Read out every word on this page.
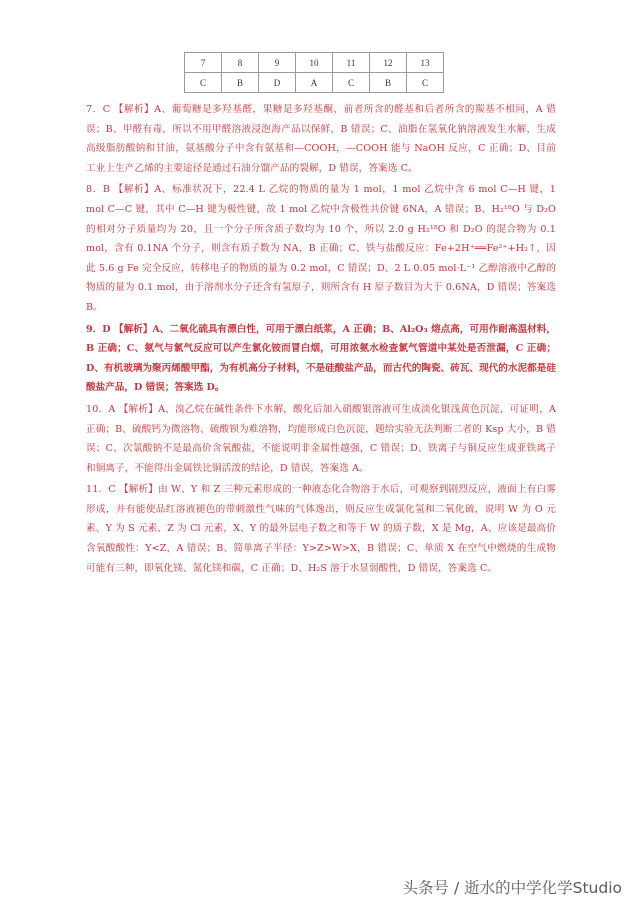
7	8	9	10	11	12	13
C	B	D	A	C	B	C

7．C 【解析】A、葡萄糖是多羟基醛，果糖是多羟基酮，前者所含的醛基和后者所含的羰基不相同，A 错误；B、甲醛有毒，所以不用甲醛溶液浸泡海产品以保鲜，B 错误；C、油脂在氢氧化钠溶液发生水解，生成高级脂肪酸钠和甘油，氨基酸分子中含有氨基和—COOH，—COOH 能与 NaOH 反应，C 正确；D、目前工业上生产乙烯的主要途径是通过石油分馏产品的裂解，D 错误，答案选 C。

8．B 【解析】A、标准状况下，22.4 L 乙烷的物质的量为 1 mol，1 mol 乙烷中含 6 mol C—H 键，1 mol C—C 键，其中 C—H 键为极性键，故 1 mol 乙烷中含极性共价键 6NA，A 错误；B、H₂¹⁸O 与 D₂O 的相对分子质量均为 20，且一个分子所含质子数均为 10 个，所以 2.0 g H₂¹⁸O 和 D₂O 的混合物为 0.1 mol，含有 0.1NA 个分子，则含有质子数为 NA，B 正确；C、铁与盐酸反应：Fe+2H⁺══Fe²⁺+H₂↑，因此 5.6 g Fe 完全反应，转移电子的物质的量为 0.2 mol，C 错误；D、2 L 0.05 mol·L⁻¹ 乙醇溶液中乙醇的物质的量为 0.1 mol，由于溶剂水分子还含有氢原子，则所含有 H 原子数目为大于 0.6NA，D 错误；答案选 B。

9．D 【解析】A、二氧化硫具有漂白性，可用于漂白纸浆，A 正确；B、Al₂O₃ 熔点高，可用作耐高温材料，B 正确；C、氨气与氯气反应可以产生氯化铵而冒白烟，可用浓氨水检查氯气管道中某处是否泄漏，C 正确；D、有机玻璃为聚丙烯酸甲酯，为有机高分子材料，不是硅酸盐产品，而古代的陶瓷、砖瓦、现代的水泥都是硅酸盐产品，D 错误；答案选 D。

10．A 【解析】A、溴乙烷在碱性条件下水解，酸化后加入硝酸银溶液可生成淡化银浅黄色沉淀，可证明，A 正确；B、硫酸钙为微溶物、硫酸钡为难溶物，均能形成白色沉淀，题给实验无法判断二者的 Ksp 大小，B 错误；C、次氯酸钠不是最高价含氧酸盐，不能说明非金属性越强，C 错误；D、铁离子与铜反应生成亚铁离子和铜离子，不能得出金属铁比铜活泼的结论，D 错误，答案选 A。

11．C 【解析】由 W、Y 和 Z 三种元素形成的一种液态化合物溶于水后，可观察到剧烈反应，液面上有白雾形成，并有能使品红溶液褪色的带刺激性气味的气体逸出，则反应生成氯化氢和二氧化硫，说明 W 为 O 元素、Y 为 S 元素、Z 为 Cl 元素，X、Y 的最外层电子数之和等于 W 的质子数，X 是 Mg，A、应该是最高价含氧酸酸性：Y<Z，A 错误；B、简单离子半径：Y>Z>W>X，B 错误；C、单质 X 在空气中燃烧的生成物可能有三种，即氧化镁、氮化镁和碳，C 正确；D、H₂S 溶于水显弱酸性，D 错误，答案选 C。

头条号 / 逝水的中学化学Studio
